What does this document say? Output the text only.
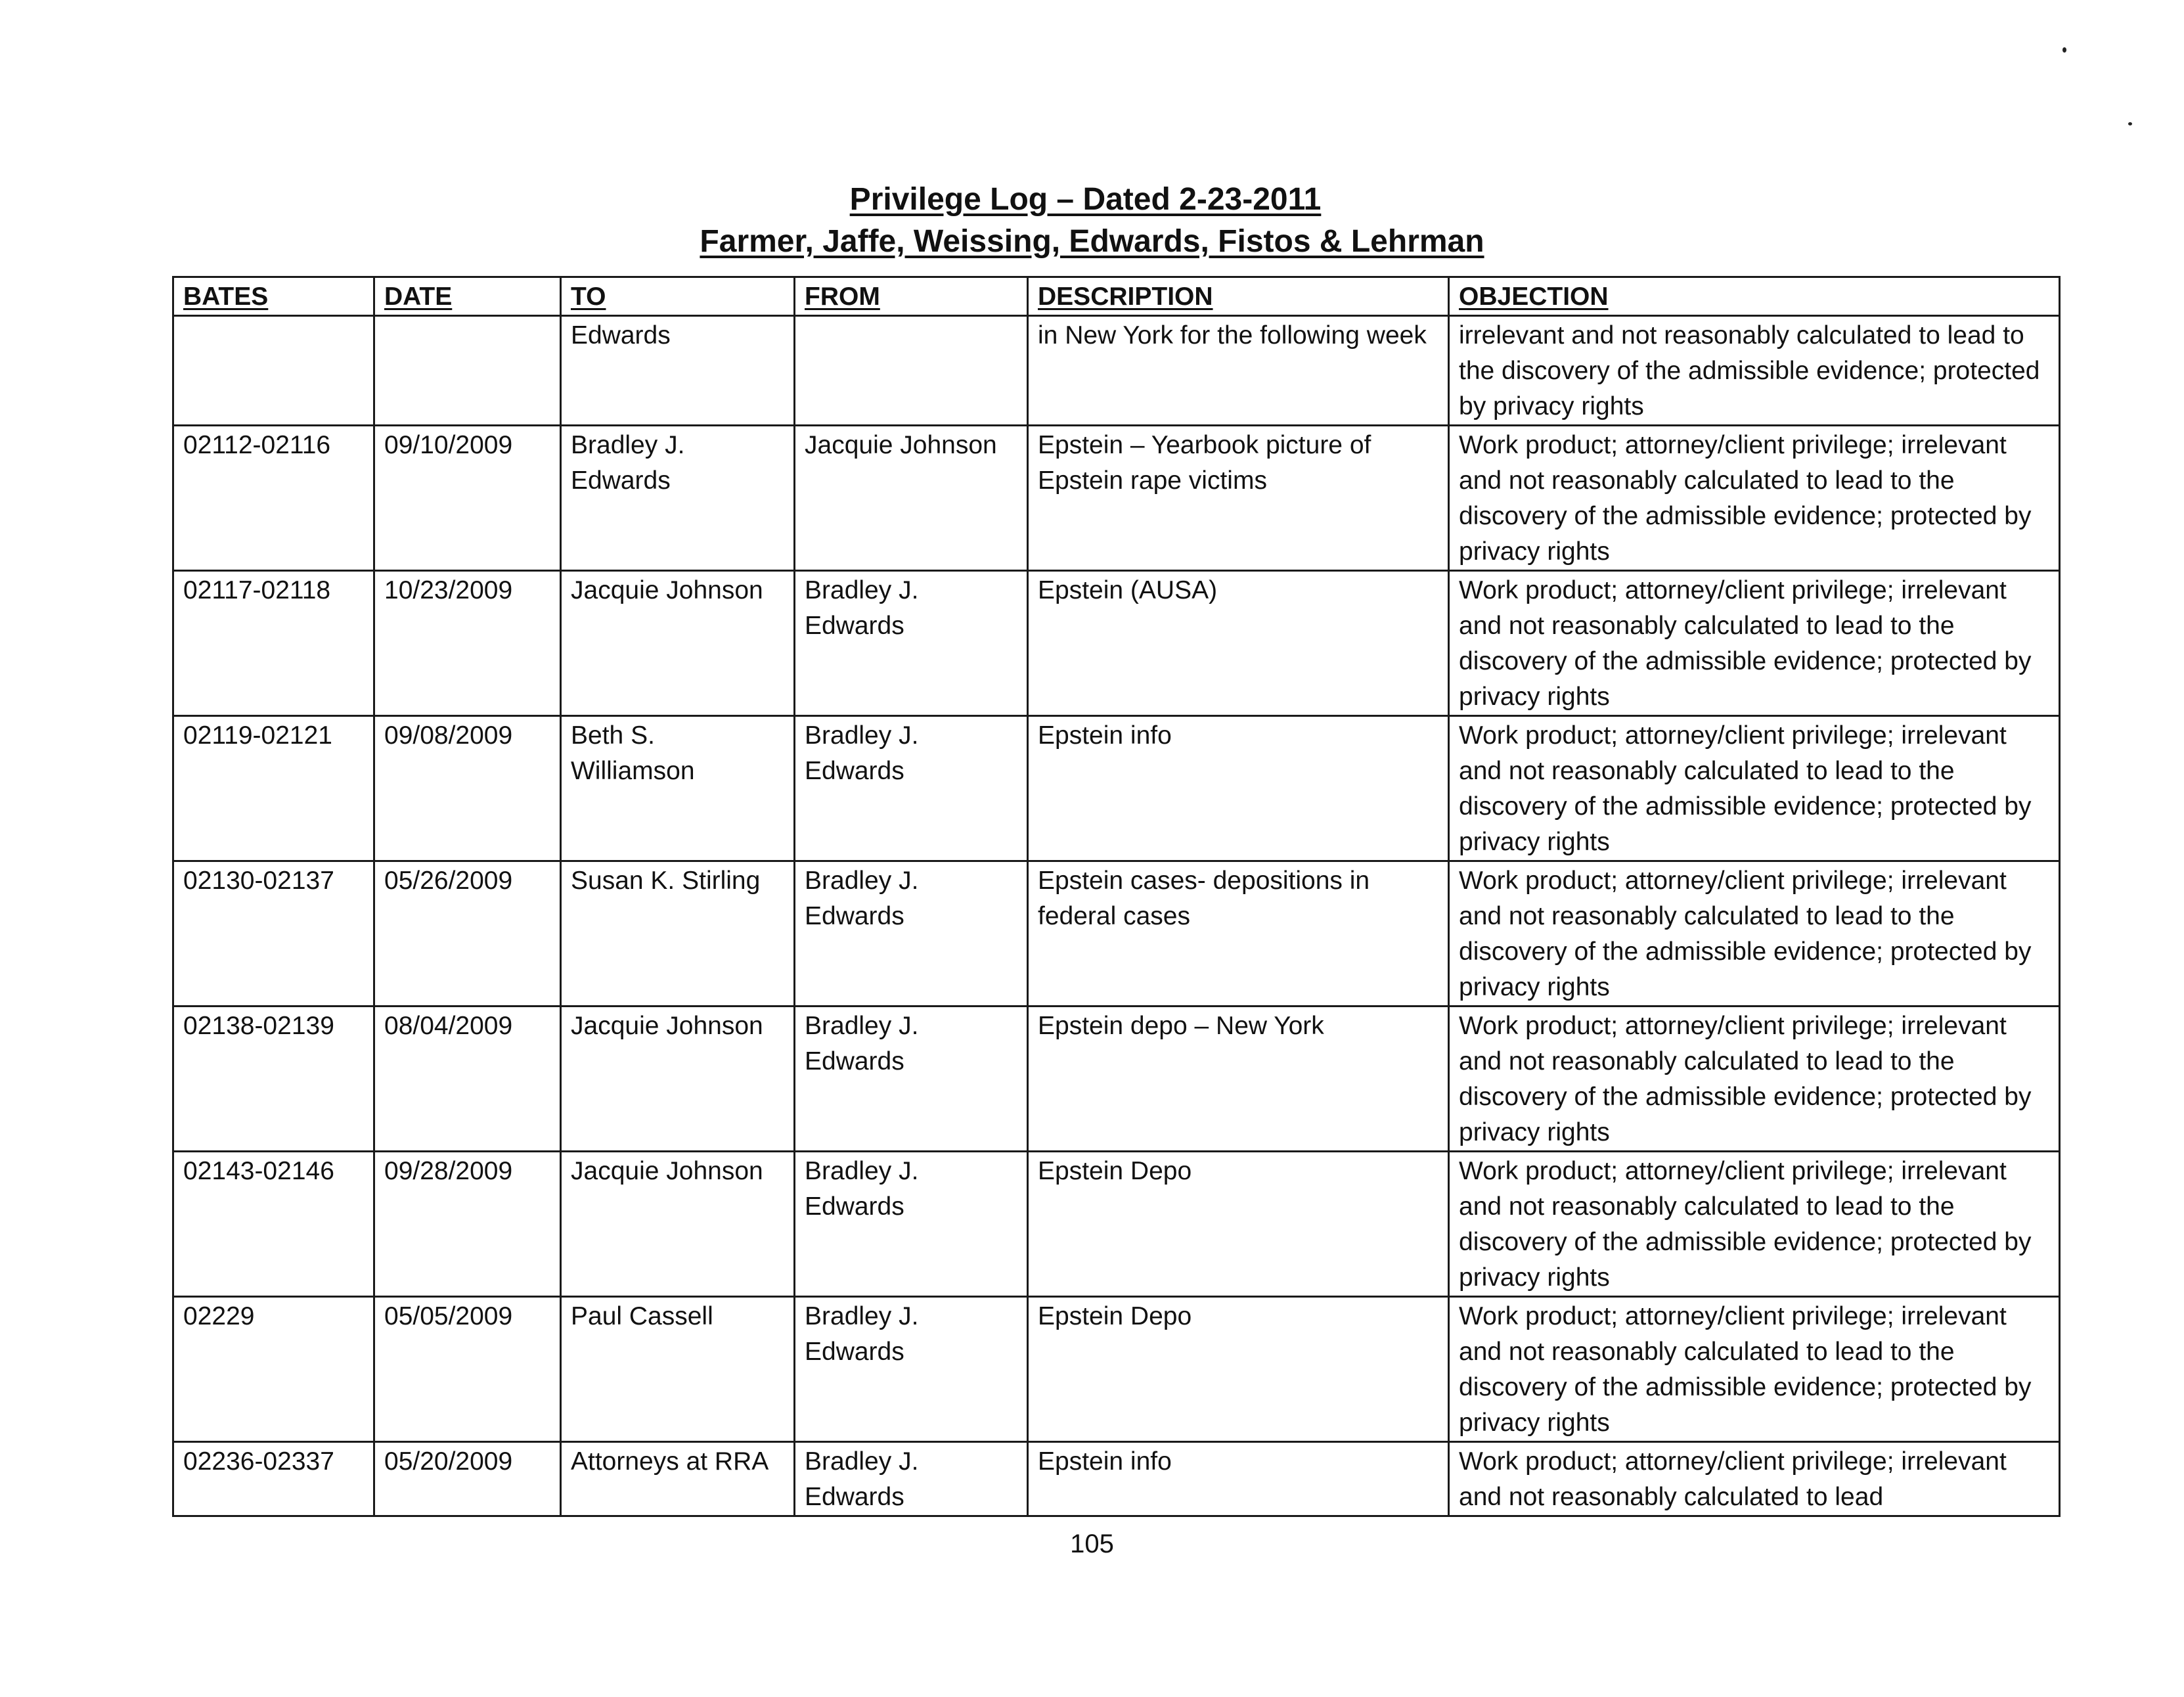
Privilege Log – Dated 2-23-2011
Farmer, Jaffe, Weissing, Edwards, Fistos & Lehrman
BATES	DATE	TO	FROM	DESCRIPTION	OBJECTION
		Edwards		in New York for the following week	irrelevant and not reasonably calculated to lead to the discovery of the admissible evidence; protected by privacy rights
02112-02116	09/10/2009	Bradley J. Edwards	Jacquie Johnson	Epstein – Yearbook picture of Epstein rape victims	Work product; attorney/client privilege; irrelevant and not reasonably calculated to lead to the discovery of the admissible evidence; protected by privacy rights
02117-02118	10/23/2009	Jacquie Johnson	Bradley J. Edwards	Epstein (AUSA)	Work product; attorney/client privilege; irrelevant and not reasonably calculated to lead to the discovery of the admissible evidence; protected by privacy rights
02119-02121	09/08/2009	Beth S. Williamson	Bradley J. Edwards	Epstein info	Work product; attorney/client privilege; irrelevant and not reasonably calculated to lead to the discovery of the admissible evidence; protected by privacy rights
02130-02137	05/26/2009	Susan K. Stirling	Bradley J. Edwards	Epstein cases- depositions in federal cases	Work product; attorney/client privilege; irrelevant and not reasonably calculated to lead to the discovery of the admissible evidence; protected by privacy rights
02138-02139	08/04/2009	Jacquie Johnson	Bradley J. Edwards	Epstein depo – New York	Work product; attorney/client privilege; irrelevant and not reasonably calculated to lead to the discovery of the admissible evidence; protected by privacy rights
02143-02146	09/28/2009	Jacquie Johnson	Bradley J. Edwards	Epstein Depo	Work product; attorney/client privilege; irrelevant and not reasonably calculated to lead to the discovery of the admissible evidence; protected by privacy rights
02229	05/05/2009	Paul Cassell	Bradley J. Edwards	Epstein Depo	Work product; attorney/client privilege; irrelevant and not reasonably calculated to lead to the discovery of the admissible evidence; protected by privacy rights
02236-02337	05/20/2009	Attorneys at RRA	Bradley J. Edwards	Epstein info	Work product; attorney/client privilege; irrelevant and not reasonably calculated to lead
105
